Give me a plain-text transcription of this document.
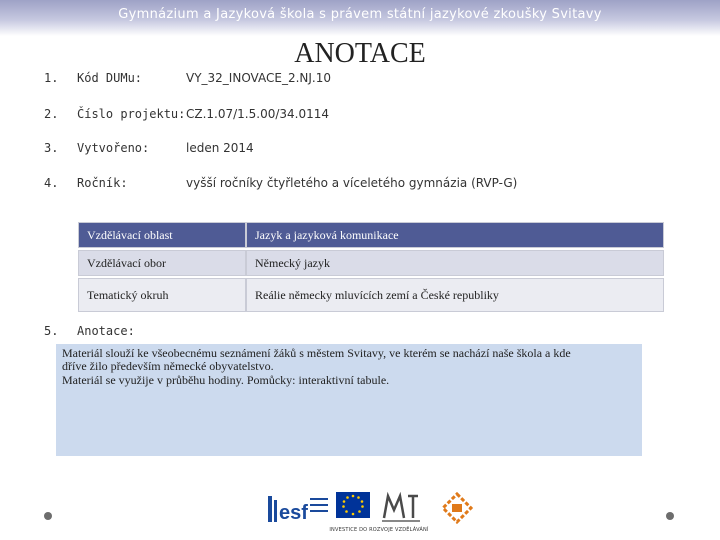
Gymnázium a Jazyková škola s právem státní jazykové zkoušky Svitavy
ANOTACE
1. Kód DUMu:	VY_32_INOVACE_2.NJ.10
2. Číslo projektu: CZ.1.07/1.5.00/34.0114
3. Vytvořeno:	leden 2014
4. Ročník:	vyšší ročníky čtyřletého a víceletého gymnázia (RVP-G)
Vzdělávací oblast	Jazyk a jazyková komunikace
Vzdělávací obor	Německý jazyk
Tematický okruh	Reálie německy mluvících zemí a České republiky
5. Anotace:
Materiál slouží ke všeobecnému seznámení žáků s městem Svitavy, ve kterém se nachází naše škola a kde
dříve žilo především německé obyvatelstvo.
Materiál se využije v průběhu hodiny. Pomůcky: interaktivní tabule.
esf
INVESTICE DO ROZVOJE VZDĚLÁVÁNÍ
